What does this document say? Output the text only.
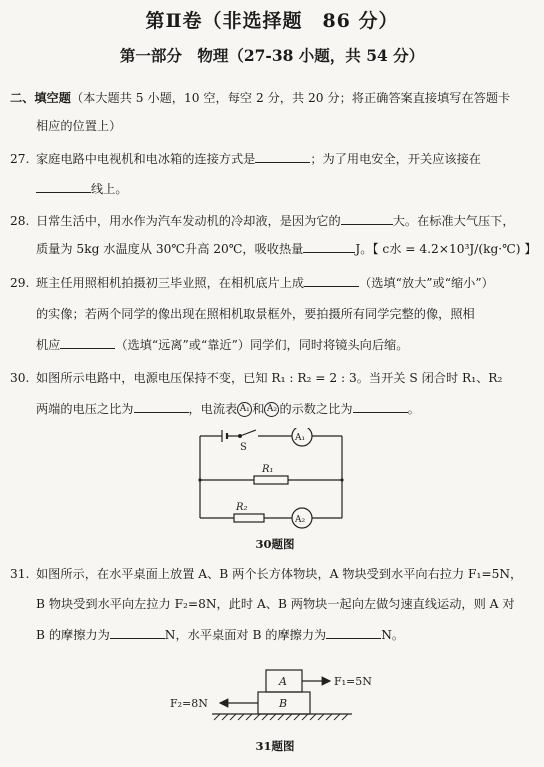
第Ⅱ卷（非选择题　86 分）
第一部分　物理（27-38 小题，共 54 分）
二、填空题（本大题共 5 小题，10 空，每空 2 分，共 20 分；将正确答案直接填写在答题卡
相应的位置上）
27. 家庭电路中电视机和电冰箱的连接方式是	；为了用电安全，开关应该接在
线上。
28. 日常生活中，用水作为汽车发动机的冷却液，是因为它的	大。在标准大气压下，
质量为 5kg 水温度从 30℃升高 20℃，吸收热量	J。【 c水 = 4.2×10³J/(kg·℃) 】
29. 班主任用照相机拍摄初三毕业照，在相机底片上成	（选填“放大”或“缩小”）
的实像；若两个同学的像出现在照相机取景框外，要拍摄所有同学完整的像，照相
机应	（选填“远离”或“靠近”）同学们，同时将镜头向后缩。
30. 如图所示电路中，电源电压保持不变，已知 R₁ : R₂ = 2 : 3。当开关 S 闭合时 R₁、R₂
两端的电压之比为	，电流表 A₁ 和 A₂ 的示数之比为	。
S
R₁
R₂
A₁
A₂
30题图
31. 如图所示，在水平桌面上放置 A、B 两个长方体物块，A 物块受到水平向右拉力 F₁=5N，
B 物块受到水平向左拉力 F₂=8N，此时 A、B 两物块一起向左做匀速直线运动，则 A 对
B 的摩擦力为	N，水平桌面对 B 的摩擦力为	N。
A
B
F₁=5N
F₂=8N
31题图
